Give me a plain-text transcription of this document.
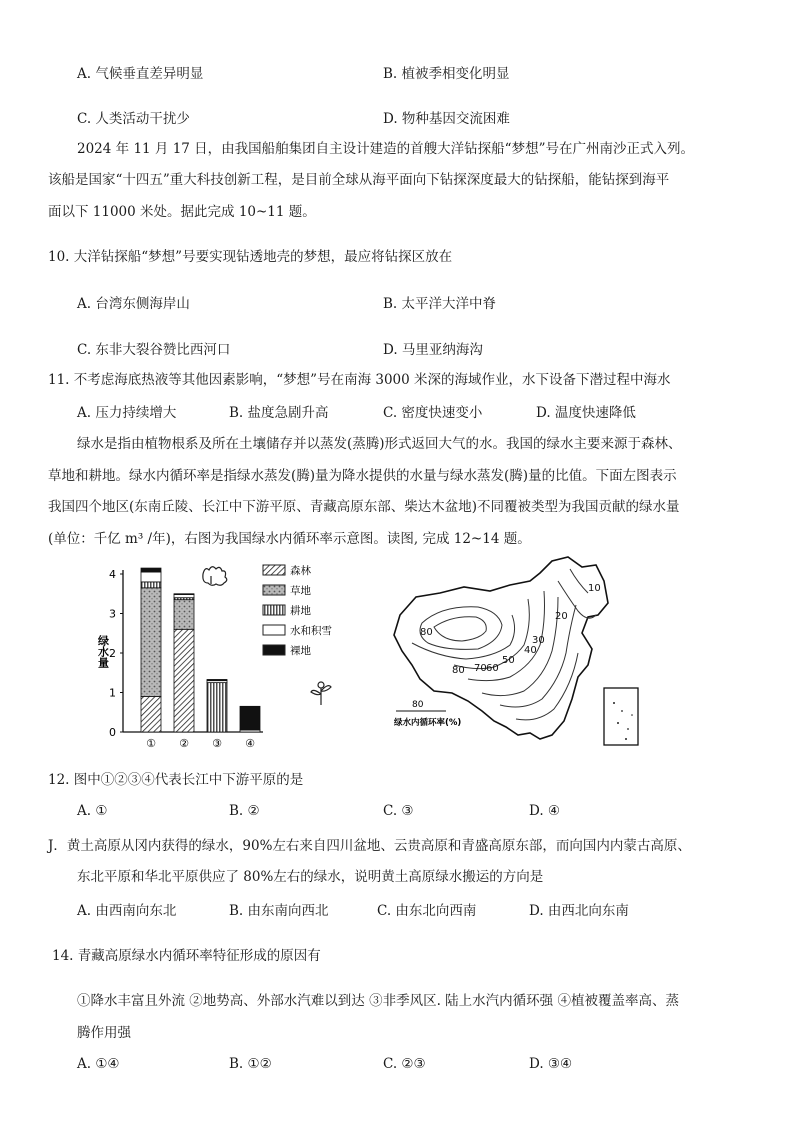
A. 气候垂直差异明显	B. 植被季相变化明显
C. 人类活动干扰少	D. 物种基因交流困难
2024 年 11 月 17 日，由我国船舶集团自主设计建造的首艘大洋钻探船“梦想”号在广州南沙正式入列。
该船是国家“十四五”重大科技创新工程，是目前全球从海平面向下钻探深度最大的钻探船，能钻探到海平
面以下 11000 米处。据此完成 10~11 题。
10. 大洋钻探船“梦想”号要实现钻透地壳的梦想，最应将钻探区放在
A. 台湾东侧海岸山	B. 太平洋大洋中脊
C. 东非大裂谷赞比西河口	D. 马里亚纳海沟
11. 不考虑海底热液等其他因素影响，“梦想”号在南海 3000 米深的海域作业，水下设备下潜过程中海水
A. 压力持续增大	B. 盐度急剧升高	C. 密度快速变小	D. 温度快速降低
绿水是指由植物根系及所在土壤储存并以蒸发(蒸腾)形式返回大气的水。我国的绿水主要来源于森林、
草地和耕地。绿水内循环率是指绿水蒸发(腾)量为降水提供的水量与绿水蒸发(腾)量的比值。下面左图表示
我国四个地区(东南丘陵、长江中下游平原、青藏高原东部、柴达木盆地)不同覆被类型为我国贡献的绿水量
(单位：千亿 m³ /年)，右图为我国绿水内循环率示意图。读图, 完成 12~14 题。
0
1
2
3
4
绿水量
① ② ③ ④
森林
草地
耕地
水和积雪
裸地
10
20
30
40
50
60
70
80
80
80
绿水内循环率(%)
12. 图中①②③④代表长江中下游平原的是
A. ①	B. ②	C. ③	D. ④
J．黄土高原从冈内获得的绿水，90%左右来自四川盆地、云贵高原和青盛高原东部，而向国内内蒙古高原、
东北平原和华北平原供应了 80%左右的绿水，说明黄土高原绿水搬运的方向是
A. 由西南向东北	B. 由东南向西北	C. 由东北向西南	D. 由西北向东南
14. 青藏高原绿水内循环率特征形成的原因有
①降水丰富且外流 ②地势高、外部水汽难以到达 ③非季风区. 陆上水汽内循环强 ④植被覆盖率高、蒸
腾作用强
A. ①④	B. ①②	C. ②③	D. ③④
